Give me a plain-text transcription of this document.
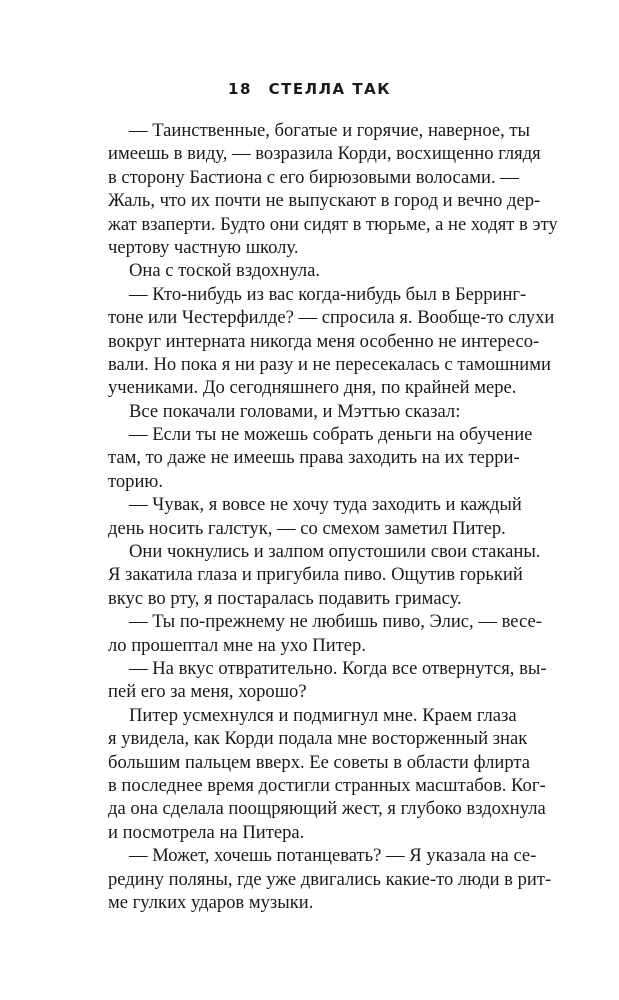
18 СТЕЛЛА ТАК
— Таинственные, богатые и горячие, наверное, ты
имеешь в виду, — возразила Корди, восхищенно глядя
в сторону Бастиона с его бирюзовыми волосами. —
Жаль, что их почти не выпускают в город и вечно дер-
жат взаперти. Будто они сидят в тюрьме, а не ходят в эту
чертову частную школу.
Она с тоской вздохнула.
— Кто-нибудь из вас когда-нибудь был в Берринг-
тоне или Честерфилде? — спросила я. Вообще-то слухи
вокруг интерната никогда меня особенно не интересо-
вали. Но пока я ни разу и не пересекалась с тамошними
учениками. До сегодняшнего дня, по крайней мере.
Все покачали головами, и Мэттью сказал:
— Если ты не можешь собрать деньги на обучение
там, то даже не имеешь права заходить на их терри-
торию.
— Чувак, я вовсе не хочу туда заходить и каждый
день носить галстук, — со смехом заметил Питер.
Они чокнулись и залпом опустошили свои стаканы.
Я закатила глаза и пригубила пиво. Ощутив горький
вкус во рту, я постаралась подавить гримасу.
— Ты по-прежнему не любишь пиво, Элис, — весе-
ло прошептал мне на ухо Питер.
— На вкус отвратительно. Когда все отвернутся, вы-
пей его за меня, хорошо?
Питер усмехнулся и подмигнул мне. Краем глаза
я увидела, как Корди подала мне восторженный знак
большим пальцем вверх. Ее советы в области флирта
в последнее время достигли странных масштабов. Ког-
да она сделала поощряющий жест, я глубоко вздохнула
и посмотрела на Питера.
— Может, хочешь потанцевать? — Я указала на се-
редину поляны, где уже двигались какие-то люди в рит-
ме гулких ударов музыки.
